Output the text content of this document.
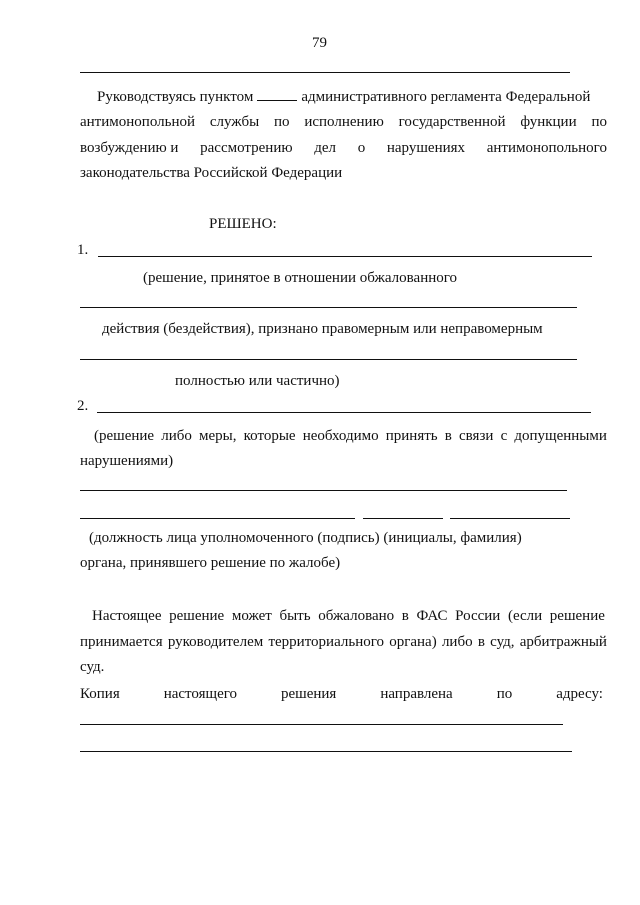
79
Руководствуясь пунктом	административного регламента Федеральной
антимонопольной службы по исполнению государственной функции по
возбуждению и рассмотрению дел о нарушениях антимонопольного
законодательства Российской Федерации
РЕШЕНО:
1.
(решение, принятое в отношении обжалованного
действия (бездействия), признано правомерным или неправомерным
полностью или частично)
2.
(решение либо меры, которые необходимо принять в связи с допущенными
нарушениями)
(должность лица уполномоченного (подпись) (инициалы, фамилия)
органа, принявшего решение по жалобе)
Настоящее решение может быть обжаловано в ФАС России (если решение
принимается руководителем территориального органа) либо в суд, арбитражный
суд.
Копия	настоящего	решения	направлена	по	адресу:
